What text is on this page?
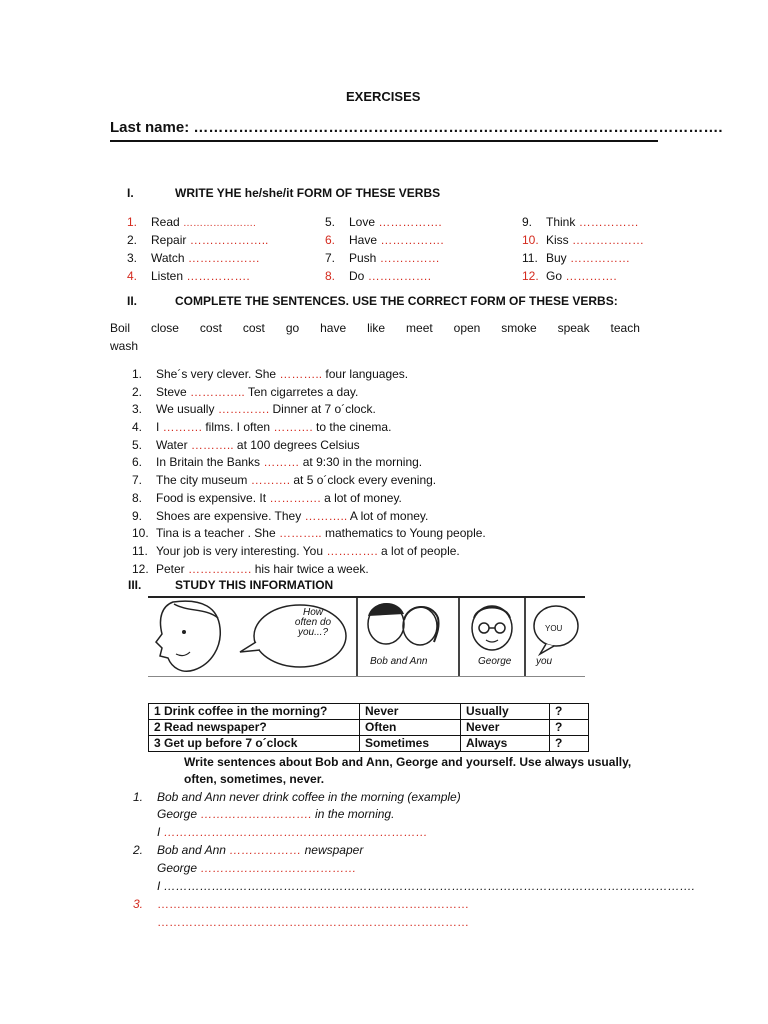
EXERCISES
Last name: …………………………………………………………………………………………….
I.	WRITE YHE he/she/it FORM OF THESE VERBS
1. Read ………………….
2. Repair ………………..
3. Watch ………………
4. Listen …………….
5. Love …………….
6. Have …………….
7. Push ……………
8. Do …………….
9. Think ……………
10. Kiss ………………
11. Buy ……………
12. Go ………….
II.	COMPLETE THE SENTENCES. USE THE CORRECT FORM OF THESE VERBS:
Boil close cost cost go have like meet open smoke speak teach
wash
1. She´s very clever. She ……….. four languages.
2. Steve ………….. Ten cigarretes a day.
3. We usually …………. Dinner at 7 o´clock.
4. I ………. films. I often ………. to the cinema.
5. Water ……….. at 100 degrees Celsius
6. In Britain the Banks ……… at 9:30 in the morning.
7. The city museum ………. at 5 o´clock every evening.
8. Food is expensive. It …………. a lot of money.
9. Shoes are expensive. They ……….. A lot of money.
10. Tina is a teacher . She ……….. mathematics to Young people.
11. Your job is very interesting. You …………. a lot of people.
12. Peter ……………. his hair twice a week.
III.	STUDY THIS INFORMATION
How
often do
you...?
Bob and Ann	George
YOU
you
1 Drink coffee in the morning?	Never	Usually	?
2 Read newspaper?	Often	Never	?
3 Get up before 7 o´clock	Sometimes	Always	?
Write sentences about Bob and Ann, George and yourself. Use always usually,
often, sometimes, never.
1. Bob and Ann never drink coffee in the morning (example)
George ………………………. in the morning.
I …………………………………………………………
2. Bob and Ann ……………… newspaper
George …………………………………
I …………………………………………………………………………………………………………………….
3. ……………………………………………………………………
……………………………………………………………………
